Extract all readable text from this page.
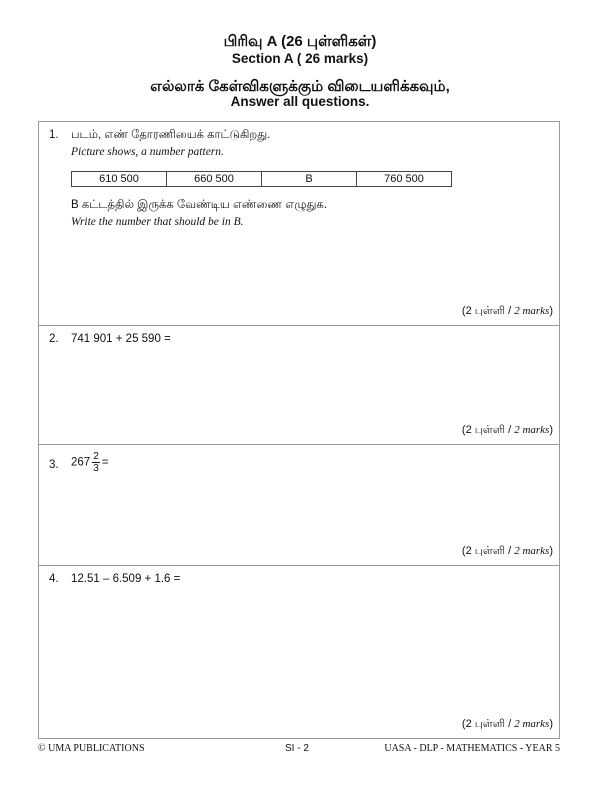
பிரிவு A (26 புள்ளிகள்)
Section A ( 26 marks)
எல்லாக் கேள்விகளுக்கும் விடையளிக்கவும்,
Answer all questions.
1. படம், எண் தோரணியைக் காட்டுகிறது.
Picture shows, a number pattern.
610 500	660 500	B	760 500
B கட்டத்தில் இருக்க வேண்டிய எண்ணை எழுதுக.
Write the number that should be in B.
(2 புள்ளி / 2 marks)
2. 741 901 + 25 590 =
(2 புள்ளி / 2 marks)
3. $267 \frac{2}{3}$ =
(2 புள்ளி / 2 marks)
4. 12.51 – 6.509 + 1.6 =
(2 புள்ளி / 2 marks)
© UMA PUBLICATIONS	SI - 2	UASA - DLP - MATHEMATICS - YEAR 5
